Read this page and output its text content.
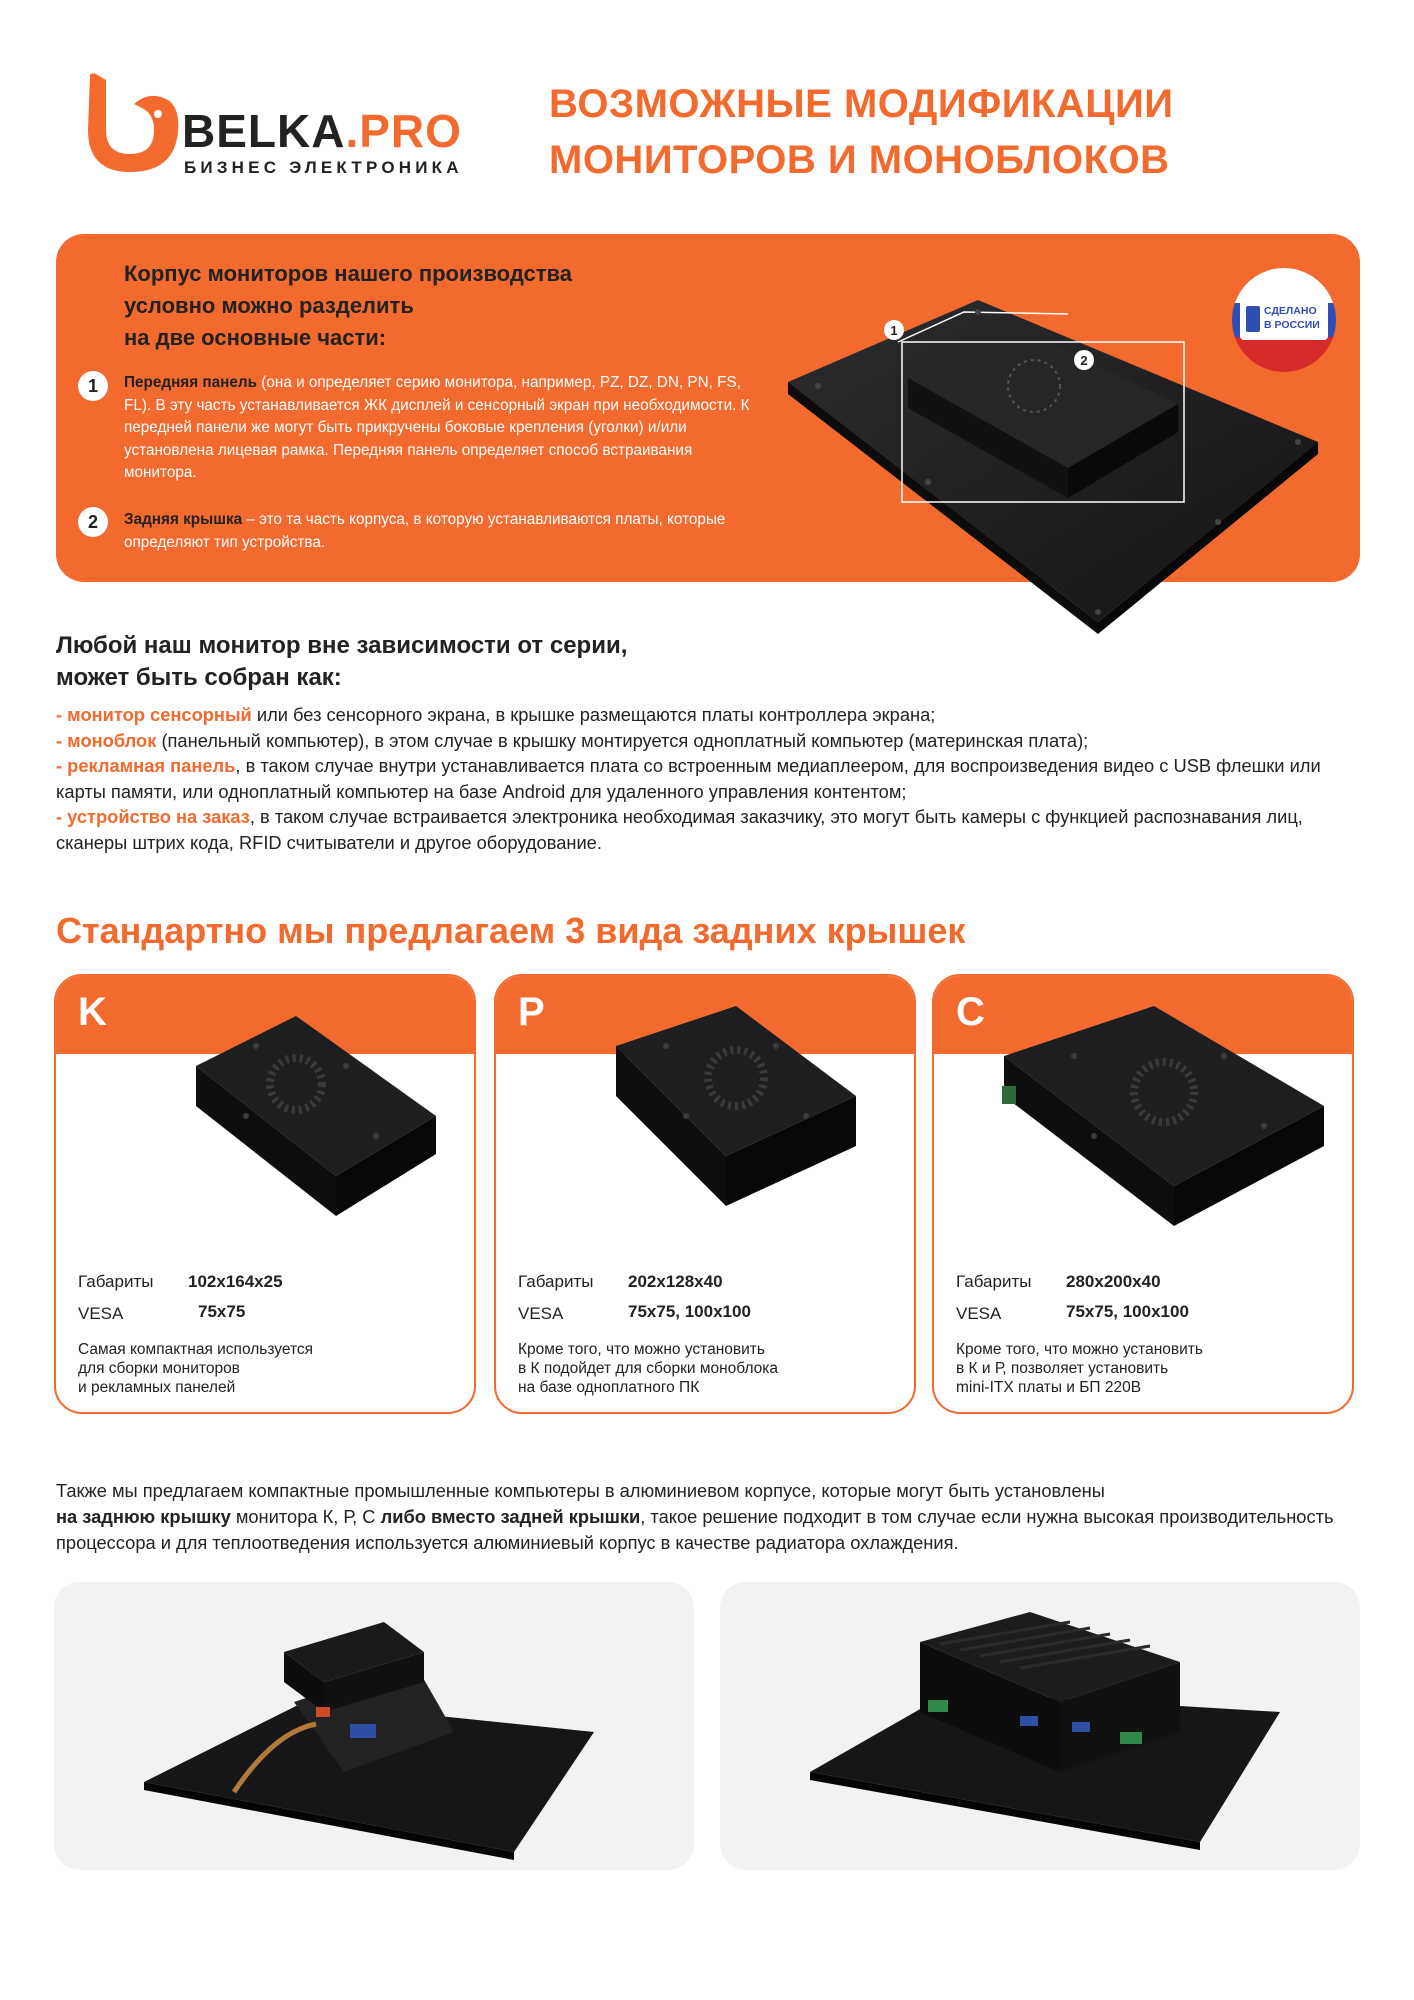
BELKA.PRO
БИЗНЕС ЭЛЕКТРОНИКА
ВОЗМОЖНЫЕ МОДИФИКАЦИИ
МОНИТОРОВ И МОНОБЛОКОВ
Корпус мониторов нашего производства
условно можно разделить
на две основные части:
1	Передняя панель (она и определяет серию монитора, например, PZ, DZ, DN, PN, FS, FL). В эту часть устанавливается ЖК дисплей и сенсорный экран при необходимости. К передней панели же могут быть прикручены боковые крепления (уголки) и/или установлена лицевая рамка. Передняя панель определяет способ встраивания монитора.
2	Задняя крышка – это та часть корпуса, в которую устанавливаются платы, которые определяют тип устройства.
1
2
СДЕЛАНО
В РОССИИ
Любой наш монитор вне зависимости от серии,
может быть собран как:
- монитор сенсорный или без сенсорного экрана, в крышке размещаются платы контроллера экрана;
- моноблок (панельный компьютер), в этом случае в крышку монтируется одноплатный компьютер (материнская плата);
- рекламная панель, в таком случае внутри устанавливается плата со встроенным медиаплеером, для воспроизведения видео с USB флешки или карты памяти, или одноплатный компьютер на базе Android для удаленного управления контентом;
- устройство на заказ, в таком случае встраивается электроника необходимая заказчику, это могут быть камеры с функцией распознавания лиц, сканеры штрих кода, RFID считыватели и другое оборудование.
Стандартно мы предлагаем 3 вида задних крышек
K
Габариты 102x164x25
VESA	75x75
Самая компактная используется
для сборки мониторов
и рекламных панелей
P
Габариты 202x128x40
VESA	75x75, 100x100
Кроме того, что можно установить
в К подойдет для сборки моноблока
на базе одноплатного ПК
C
Габариты 280x200x40
VESA	75x75, 100x100
Кроме того, что можно установить
в К и Р, позволяет установить
mini-ITX платы и БП 220В
Также мы предлагаем компактные промышленные компьютеры в алюминиевом корпусе, которые могут быть установлены
на заднюю крышку монитора К, Р, С либо вместо задней крышки, такое решение подходит в том случае если нужна высокая производительность процессора и для теплоотведения используется алюминиевый корпус в качестве радиатора охлаждения.
